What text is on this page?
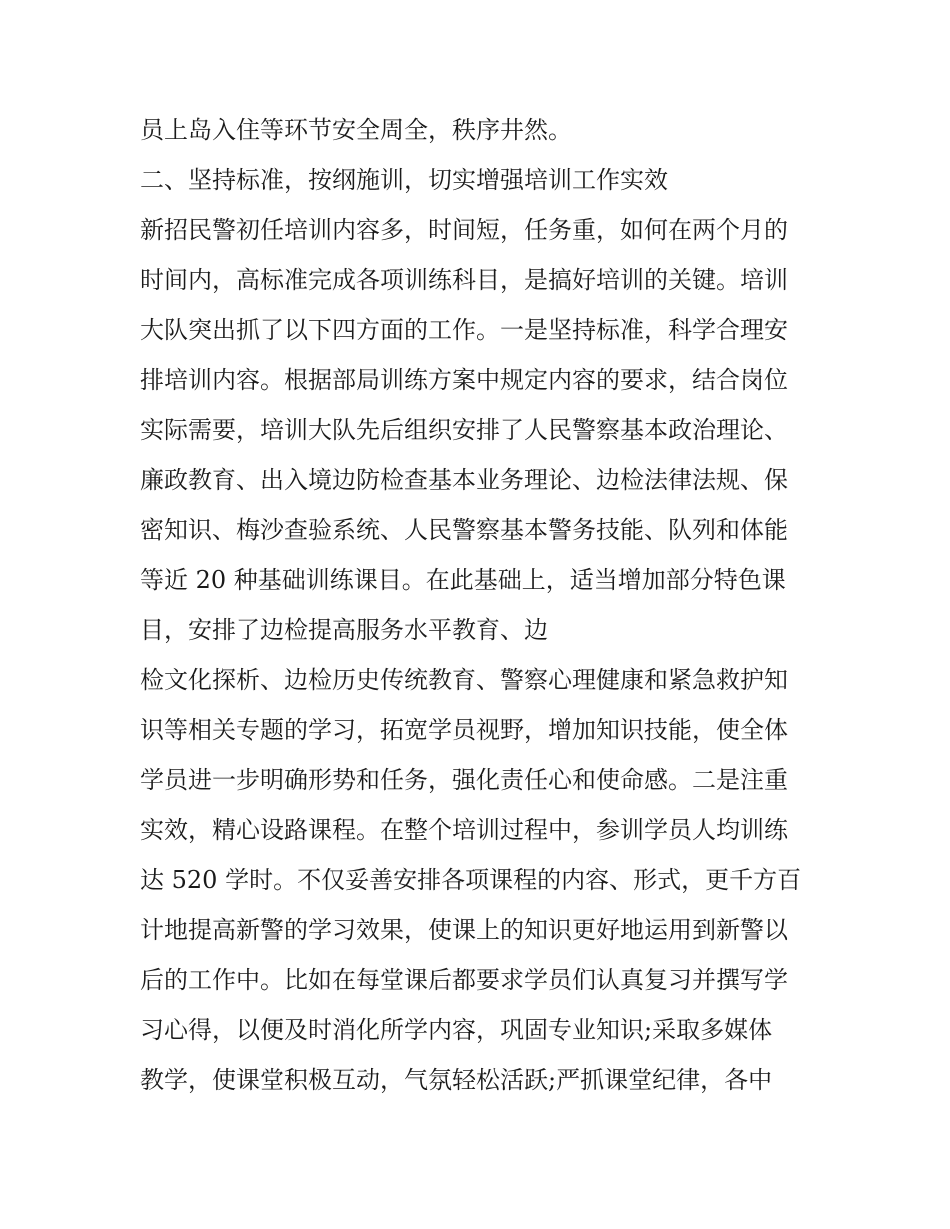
员上岛入住等环节安全周全，秩序井然。
二、坚持标准，按纲施训，切实增强培训工作实效
新招民警初任培训内容多，时间短，任务重，如何在两个月的
时间内，高标准完成各项训练科目，是搞好培训的关键。培训
大队突出抓了以下四方面的工作。一是坚持标准，科学合理安
排培训内容。根据部局训练方案中规定内容的要求，结合岗位
实际需要，培训大队先后组织安排了人民警察基本政治理论、
廉政教育、出入境边防检查基本业务理论、边检法律法规、保
密知识、梅沙查验系统、人民警察基本警务技能、队列和体能
等近 20 种基础训练课目。在此基础上，适当增加部分特色课
目，安排了边检提高服务水平教育、边
检文化探析、边检历史传统教育、警察心理健康和紧急救护知
识等相关专题的学习，拓宽学员视野，增加知识技能，使全体
学员进一步明确形势和任务，强化责任心和使命感。二是注重
实效，精心设路课程。在整个培训过程中，参训学员人均训练
达 520 学时。不仅妥善安排各项课程的内容、形式，更千方百
计地提高新警的学习效果，使课上的知识更好地运用到新警以
后的工作中。比如在每堂课后都要求学员们认真复习并撰写学
习心得，以便及时消化所学内容，巩固专业知识;采取多媒体
教学，使课堂积极互动，气氛轻松活跃;严抓课堂纪律，各中
